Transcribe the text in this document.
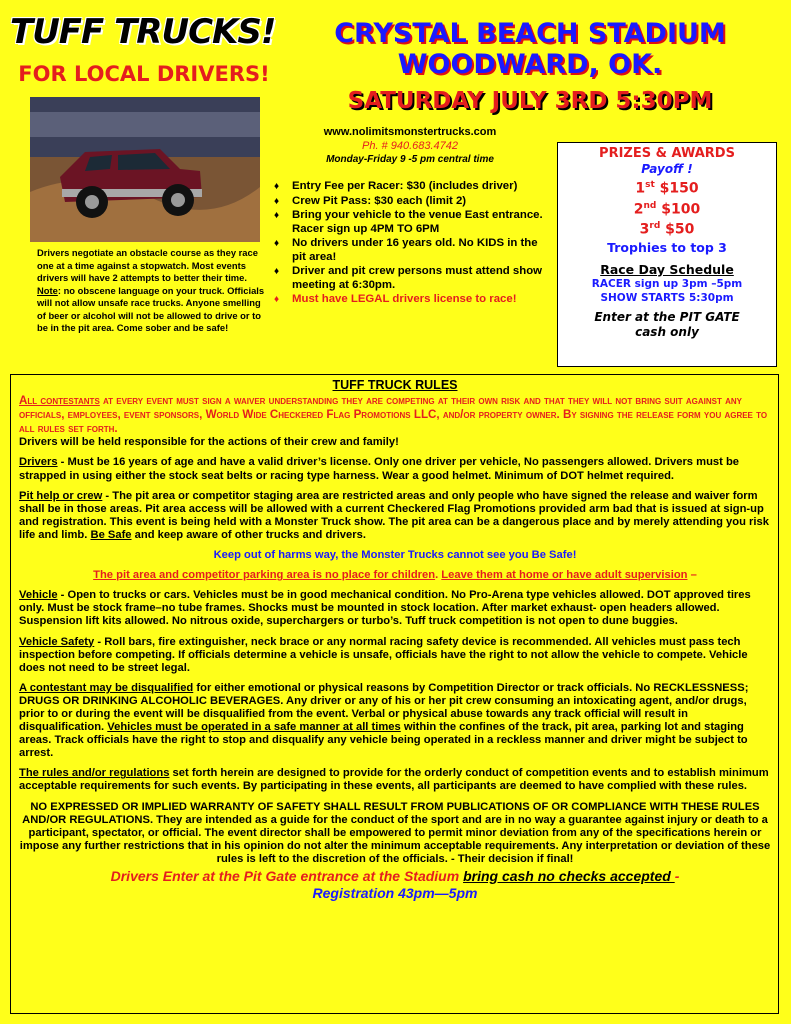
TUFF TRUCKS!
FOR LOCAL DRIVERS!
Drivers negotiate an obstacle course as they race one at a time against a stopwatch. Most events drivers will have 2 attempts to better their time.
Note: no obscene language on your truck. Officials will not allow unsafe race trucks. Anyone smelling of beer or alcohol will not be allowed to drive or to be in the pit area. Come sober and be safe!
CRYSTAL BEACH STADIUM
WOODWARD, OK.
SATURDAY JULY 3RD 5:30PM
www.nolimitsmonstertrucks.com
Ph. # 940.683.4742
Monday-Friday 9 -5 pm central time
♦ Entry Fee per Racer: $30 (includes driver)
♦ Crew Pit Pass: $30 each (limit 2)
♦ Bring your vehicle to the venue East entrance. Racer sign up 4PM TO 6PM
♦ No drivers under 16 years old. No KIDS in the pit area!
♦ Driver and pit crew persons must attend show meeting at 6:30pm.
♦ Must have LEGAL drivers license to race!
PRIZES & AWARDS
Payoff !
1st $150
2nd $100
3rd $50
Trophies to top 3
Race Day Schedule
RACER sign up 3pm –5pm
SHOW STARTS 5:30pm
Enter at the PIT GATE
cash only

TUFF TRUCK RULES

All contestants at every event must sign a waiver understanding they are competing at their own risk and that they will not bring suit against any officials, employees, event sponsors, World Wide Checkered Flag Promotions LLC, and/or property owner. By signing the release form you agree to all rules set forth.
Drivers will be held responsible for the actions of their crew and family!

Drivers - Must be 16 years of age and have a valid driver’s license. Only one driver per vehicle, No passengers allowed. Drivers must be strapped in using either the stock seat belts or racing type harness. Wear a good helmet. Minimum of DOT helmet required.

Pit help or crew - The pit area or competitor staging area are restricted areas and only people who have signed the release and waiver form shall be in those areas. Pit area access will be allowed with a current Checkered Flag Promotions provided arm bad that is issued at sign-up and registration. This event is being held with a Monster Truck show. The pit area can be a dangerous place and by merely attending you risk life and limb. Be Safe and keep aware of other trucks and drivers.

Keep out of harms way, the Monster Trucks cannot see you Be Safe!

The pit area and competitor parking area is no place for children. Leave them at home or have adult supervision –

Vehicle - Open to trucks or cars. Vehicles must be in good mechanical condition. No Pro-Arena type vehicles allowed. DOT approved tires only. Must be stock frame–no tube frames. Shocks must be mounted in stock location. After market exhaust- open headers allowed. Suspension lift kits allowed. No nitrous oxide, superchargers or turbo’s. Tuff truck competition is not open to dune buggies.

Vehicle Safety - Roll bars, fire extinguisher, neck brace or any normal racing safety device is recommended. All vehicles must pass tech inspection before competing. If officials determine a vehicle is unsafe, officials have the right to not allow the vehicle to compete. Vehicle does not need to be street legal.

A contestant may be disqualified for either emotional or physical reasons by Competition Director or track officials. No RECKLESSNESS; DRUGS OR DRINKING ALCOHOLIC BEVERAGES. Any driver or any of his or her pit crew consuming an intoxicating agent, and/or drugs, prior to or during the event will be disqualified from the event. Verbal or physical abuse towards any track official will result in disqualification. Vehicles must be operated in a safe manner at all times within the confines of the track, pit area, parking lot and staging areas. Track officials have the right to stop and disqualify any vehicle being operated in a reckless manner and driver might be subject to arrest.

The rules and/or regulations set forth herein are designed to provide for the orderly conduct of competition events and to establish minimum acceptable requirements for such events. By participating in these events, all participants are deemed to have complied with these rules.

NO EXPRESSED OR IMPLIED WARRANTY OF SAFETY SHALL RESULT FROM PUBLICATIONS OF OR COMPLIANCE WITH THESE RULES AND/OR REGULATIONS. They are intended as a guide for the conduct of the sport and are in no way a guarantee against injury or death to a participant, spectator, or official. The event director shall be empowered to permit minor deviation from any of the specifications herein or impose any further restrictions that in his opinion do not alter the minimum acceptable requirements. Any interpretation or deviation of these rules is left to the discretion of the officials. - Their decision if final!

Drivers Enter at the Pit Gate entrance at the Stadium bring cash no checks accepted -

Registration 43pm—5pm
